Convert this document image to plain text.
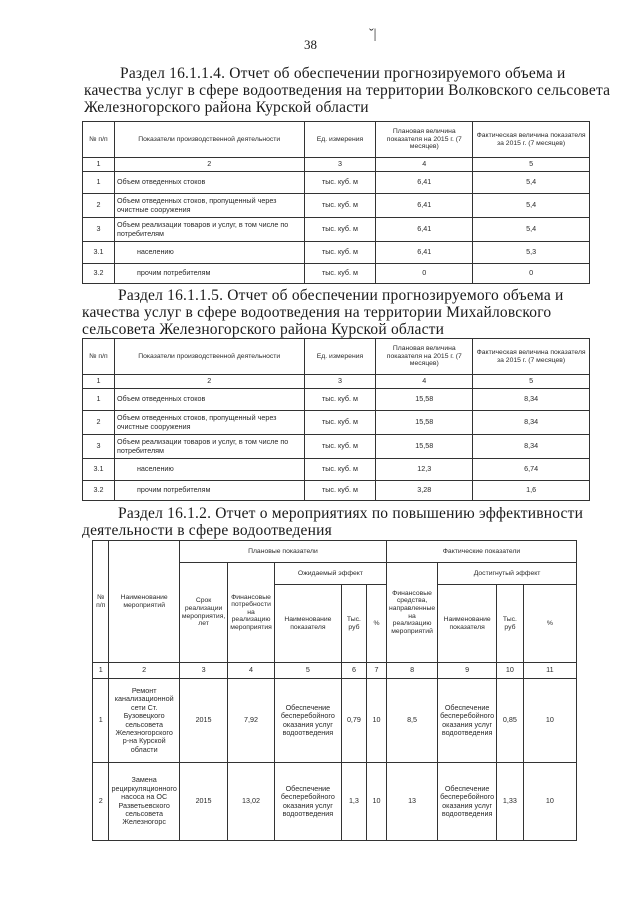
38
ˇ|
Раздел 16.1.1.4. Отчет об обеспечении прогнозируемого объема и
качества услуг в сфере водоотведения на территории Волковского сельсовета
Железногорского района Курской области
№ п/п	Показатели производственной деятельности	Ед. измерения	Плановая величина показателя на 2015 г. (7 месяцев)	Фактическая величина показателя за 2015 г. (7 месяцев)
1	2	3	4	5
1	Объем отведенных стоков	тыс. куб. м	6,41	5,4
2	Объем отведенных стоков, пропущенный через очистные сооружения	тыс. куб. м	6,41	5,4
3	Объем реализации товаров и услуг, в том числе по потребителям	тыс. куб. м	6,41	5,4
3.1	населению	тыс. куб. м	6,41	5,3
3.2	прочим потребителям	тыс. куб. м	0	0
Раздел 16.1.1.5. Отчет об обеспечении прогнозируемого объема и
качества услуг в сфере водоотведения на территории Михайловского
сельсовета Железногорского района Курской области
№ п/п	Показатели производственной деятельности	Ед. измерения	Плановая величина показателя на 2015 г. (7 месяцев)	Фактическая величина показателя за 2015 г. (7 месяцев)
1	2	3	4	5
1	Объем отведенных стоков	тыс. куб. м	15,58	8,34
2	Объем отведенных стоков, пропущенный через очистные сооружения	тыс. куб. м	15,58	8,34
3	Объем реализации товаров и услуг, в том числе по потребителям	тыс. куб. м	15,58	8,34
3.1	населению	тыс. куб. м	12,3	6,74
3.2	прочим потребителям	тыс. куб. м	3,28	1,6
Раздел 16.1.2. Отчет о мероприятиях по повышению эффективности
деятельности в сфере водоотведения
№ п/п	Наименование мероприятий	Плановые показатели					Фактические показатели			
		Срок реализации мероприятия, лет	Финансовые потребности на реализацию мероприятия	Ожидаемый эффект			Финансовые средства, направленные на реализацию мероприятий	Достигнутый эффект		
				Наименование показателя	Тыс. руб	%		Наименование показателя	Тыс. руб	%
1	2	3	4	5	6	7	8	9	10	11
1	Ремонт канализационной сети Ст. Бузовецкого сельсовета Железногорского р-на Курской области	2015	7,92	Обеспечение бесперебойного оказания услуг водоотведения	0,79	10	8,5	Обеспечение бесперебойного оказания услуг водоотведения	0,85	10
2	Замена рециркуляционного насоса на ОС Разветьевского сельсовета Железногорс	2015	13,02	Обеспечение бесперебойного оказания услуг водоотведения	1,3	10	13	Обеспечение бесперебойного оказания услуг водоотведения	1,33	10
